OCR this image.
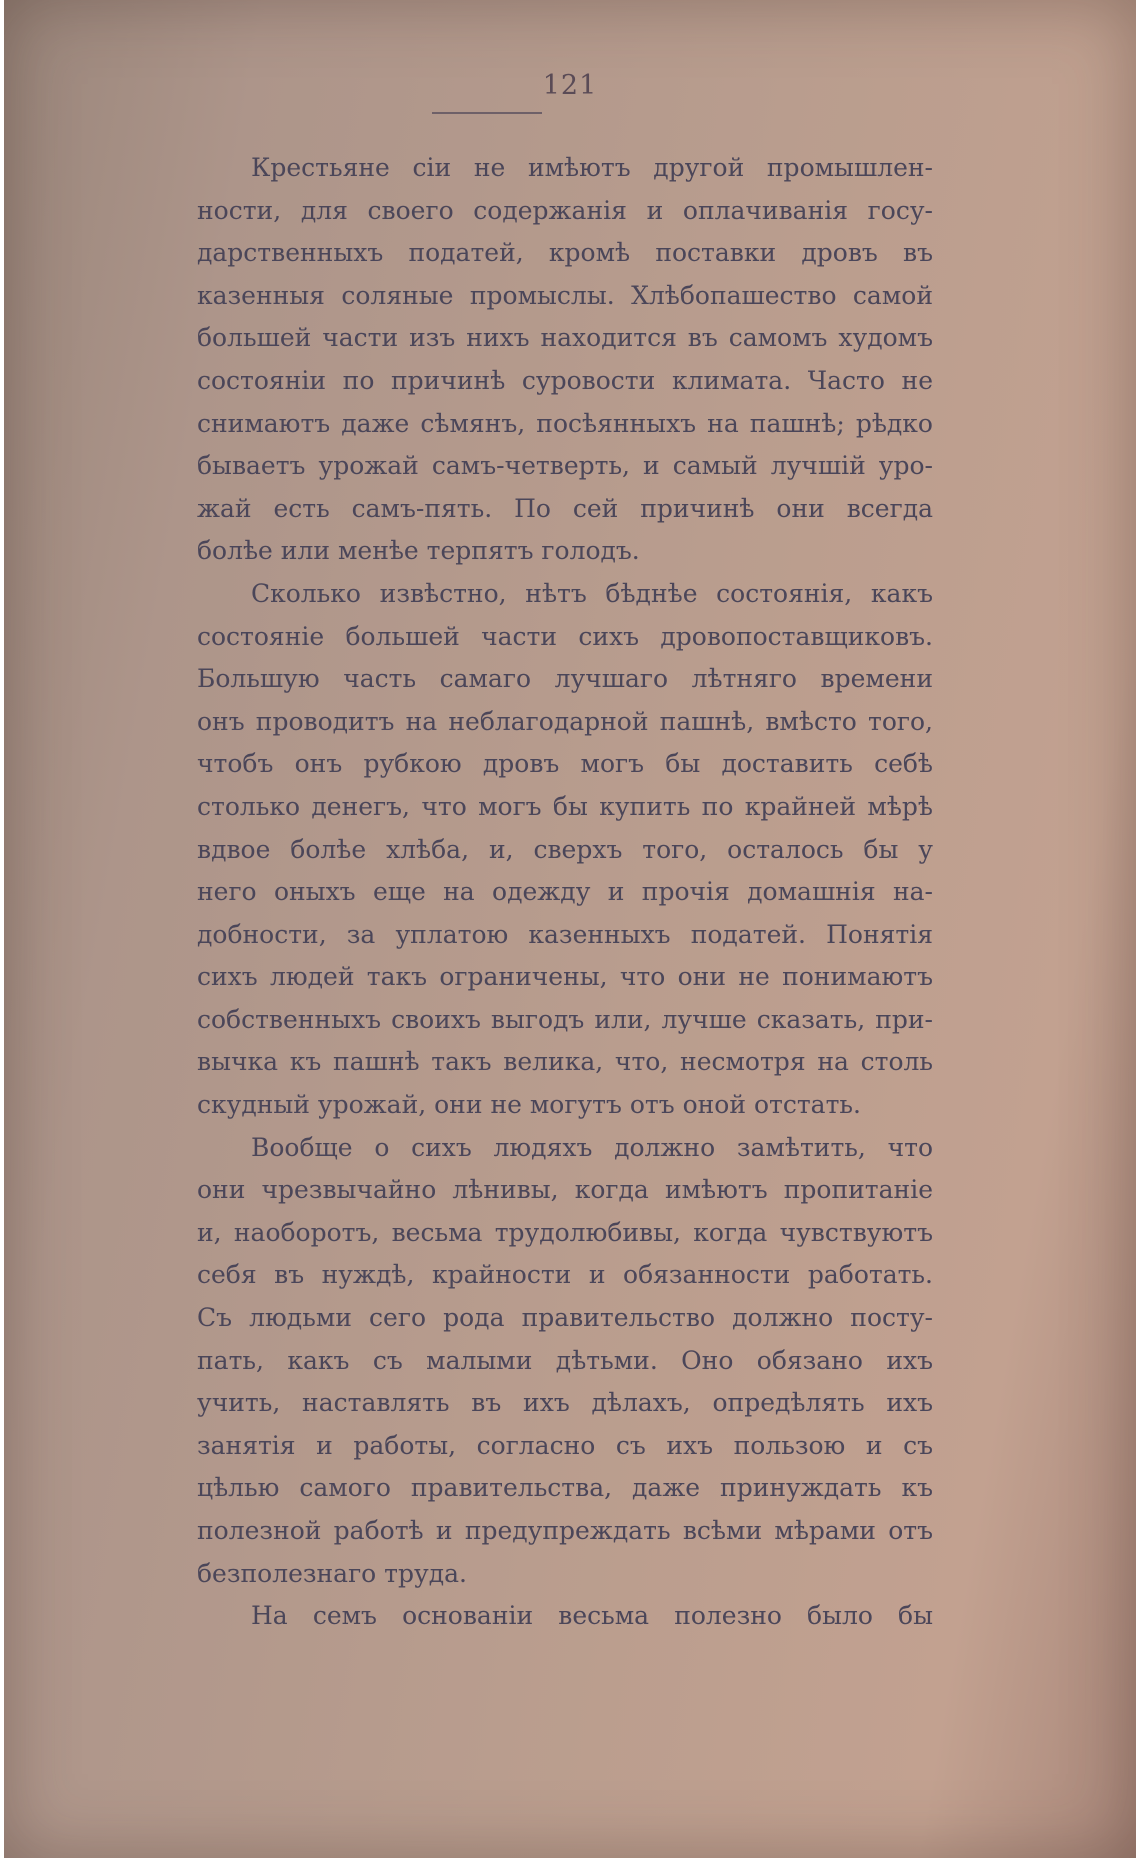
121
Крестьяне сіи не имѣютъ другой промышлен-
ности, для своего содержанія и оплачиванія госу-
дарственныхъ податей, кромѣ поставки дровъ въ
казенныя соляные промыслы. Хлѣбопашество самой
большей части изъ нихъ находится въ самомъ худомъ
состояніи по причинѣ суровости климата. Часто не
снимаютъ даже сѣмянъ, посѣянныхъ на пашнѣ; рѣдко
бываетъ урожай самъ-четверть, и самый лучшій уро-
жай есть самъ-пять. По сей причинѣ они всегда
болѣе или менѣе терпятъ голодъ.
Сколько извѣстно, нѣтъ бѣднѣе состоянія, какъ
состояніе большей части сихъ дровопоставщиковъ.
Большую часть самаго лучшаго лѣтняго времени
онъ проводитъ на неблагодарной пашнѣ, вмѣсто того,
чтобъ онъ рубкою дровъ могъ бы доставить себѣ
столько денегъ, что могъ бы купить по крайней мѣрѣ
вдвое болѣе хлѣба, и, сверхъ того, осталось бы у
него оныхъ еще на одежду и прочія домашнія на-
добности, за уплатою казенныхъ податей. Понятія
сихъ людей такъ ограничены, что они не понимаютъ
собственныхъ своихъ выгодъ или, лучше сказать, при-
вычка къ пашнѣ такъ велика, что, несмотря на столь
скудный урожай, они не могутъ отъ оной отстать.
Вообще о сихъ людяхъ должно замѣтить, что
они чрезвычайно лѣнивы, когда имѣютъ пропитаніе
и, наоборотъ, весьма трудолюбивы, когда чувствуютъ
себя въ нуждѣ, крайности и обязанности работать.
Съ людьми сего рода правительство должно посту-
пать, какъ съ малыми дѣтьми. Оно обязано ихъ
учить, наставлять въ ихъ дѣлахъ, опредѣлять ихъ
занятія и работы, согласно съ ихъ пользою и съ
цѣлью самого правительства, даже принуждать къ
полезной работѣ и предупреждать всѣми мѣрами отъ
безполезнаго труда.
На семъ основаніи весьма полезно было бы
